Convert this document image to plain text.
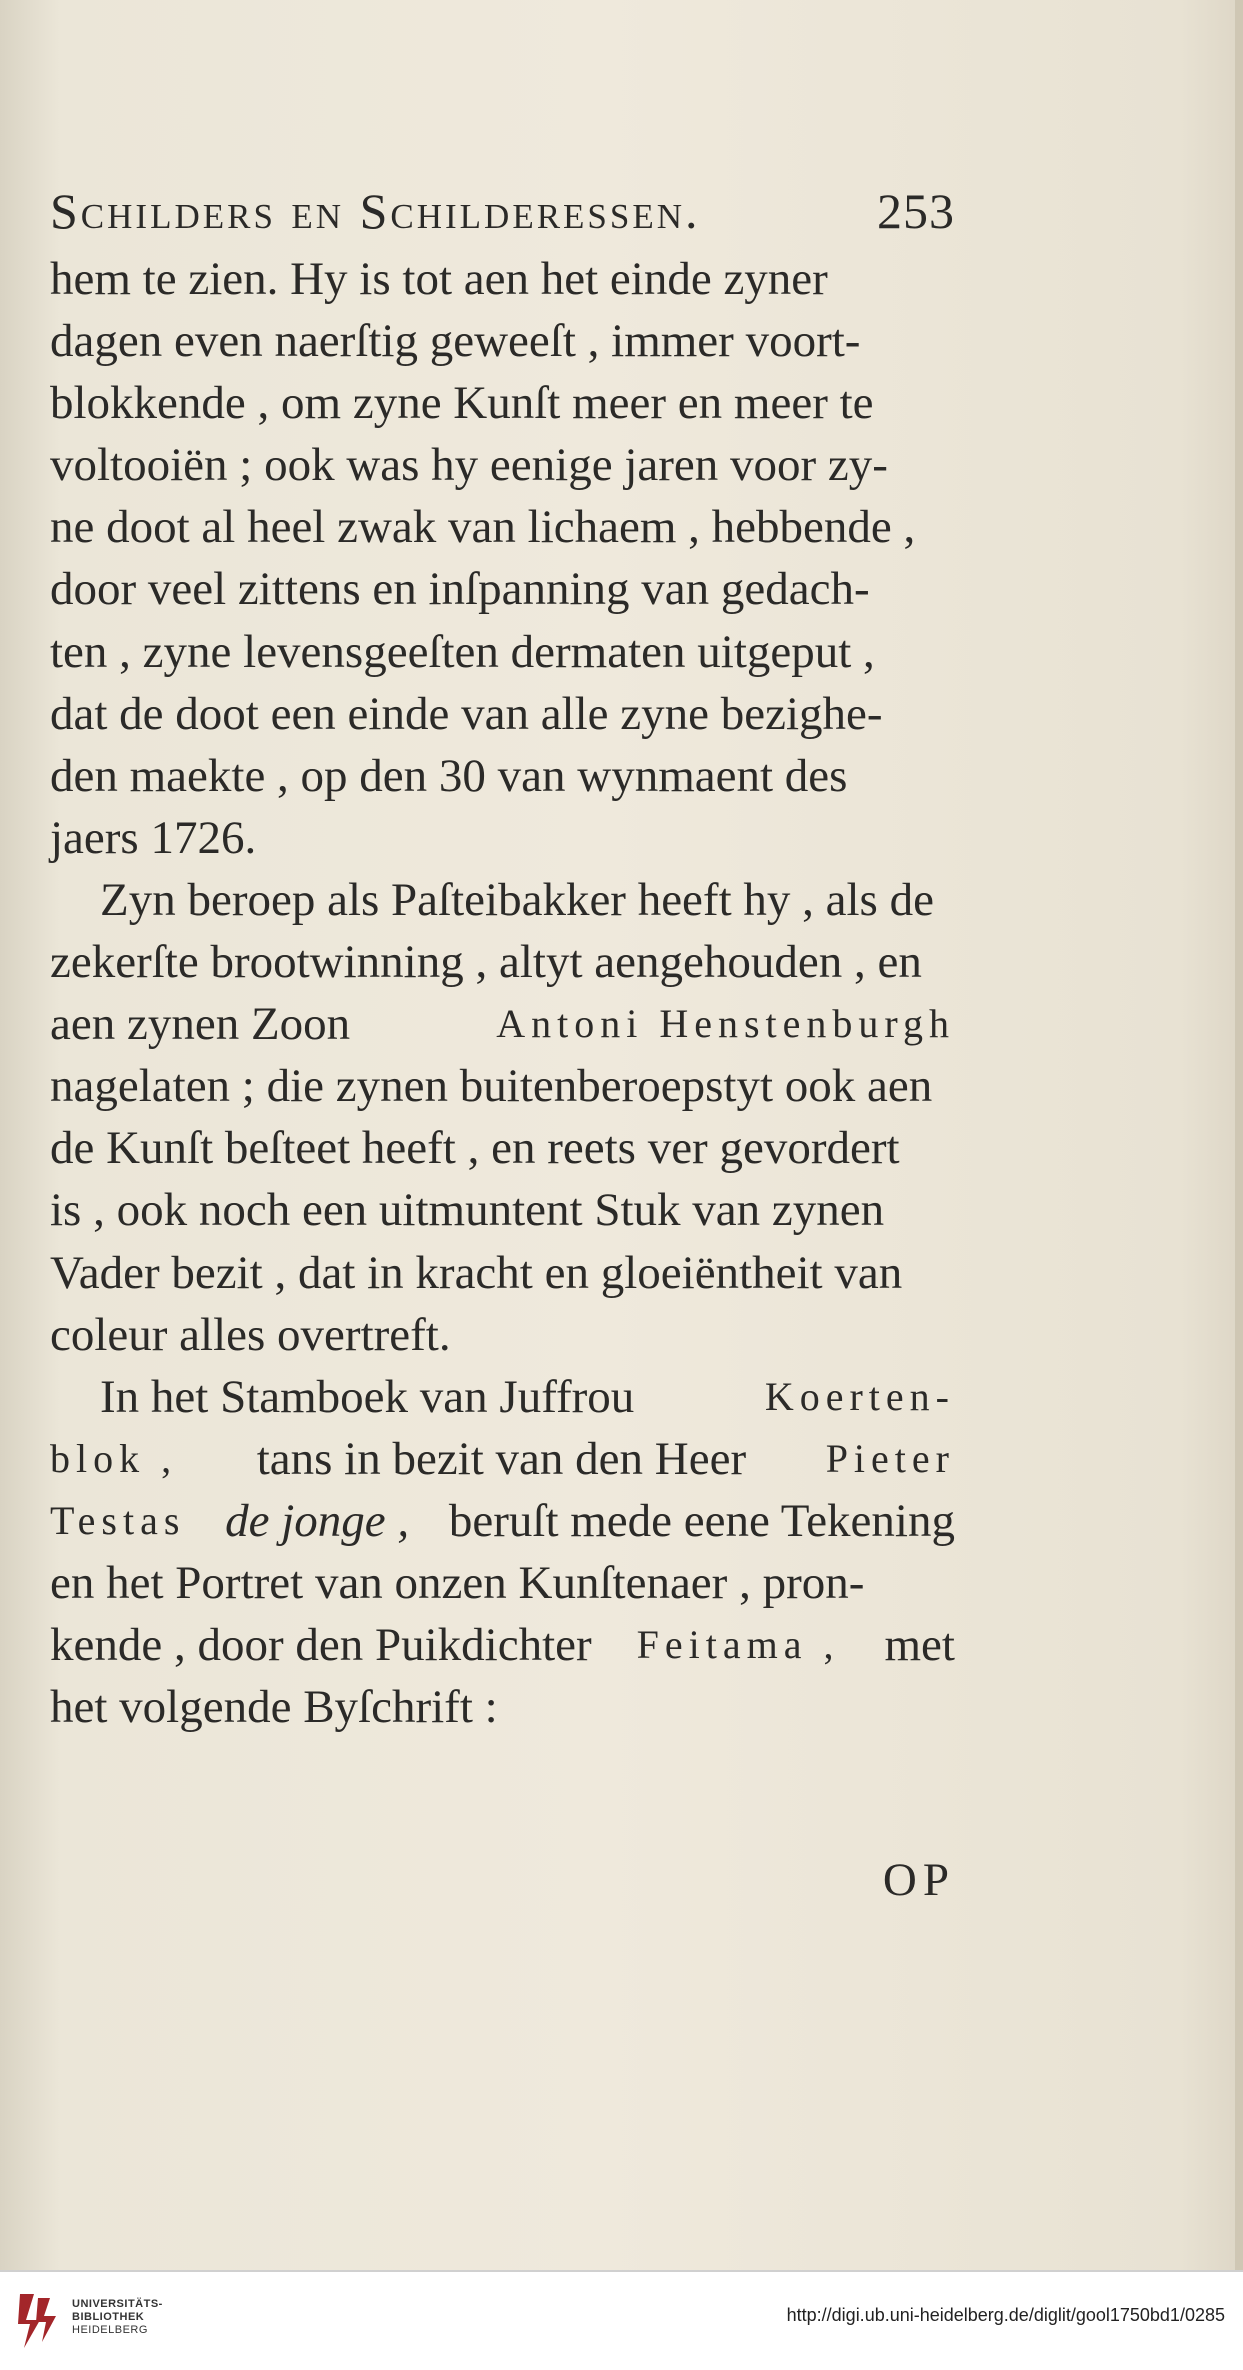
Schilders en Schilderessen.	253
hem te zien. Hy is tot aen het einde zyner
dagen even naerſtig geweeſt , immer voort-
blokkende , om zyne Kunſt meer en meer te
voltooiën ; ook was hy eenige jaren voor zy-
ne doot al heel zwak van lichaem , hebbende ,
door veel zittens en inſpanning van gedach-
ten , zyne levensgeeſten dermaten uitgeput ,
dat de doot een einde van alle zyne bezighe-
den maekte , op den 30 van wynmaent des
jaers 1726.
Zyn beroep als Paſteibakker heeft hy , als de
zekerſte brootwinning , altyt aengehouden , en
aen zynen Zoon	Antoni Henstenburgh
nagelaten ; die zynen buitenberoepstyt ook aen
de Kunſt beſteet heeft , en reets ver gevordert
is , ook noch een uitmuntent Stuk van zynen
Vader bezit , dat in kracht en gloeiëntheit van
coleur alles overtreft.
In het Stamboek van Juffrou	Koerten-
blok , tans in bezit van den Heer Pieter
Testas de jonge , beruſt mede eene Tekening
en het Portret van onzen Kunſtenaer , pron-
kende , door den Puikdichter Feitama , met
het volgende Byſchrift :
OP
UNIVERSITÄTS-
BIBLIOTHEK
HEIDELBERG
http://digi.ub.uni-heidelberg.de/diglit/gool1750bd1/0285
